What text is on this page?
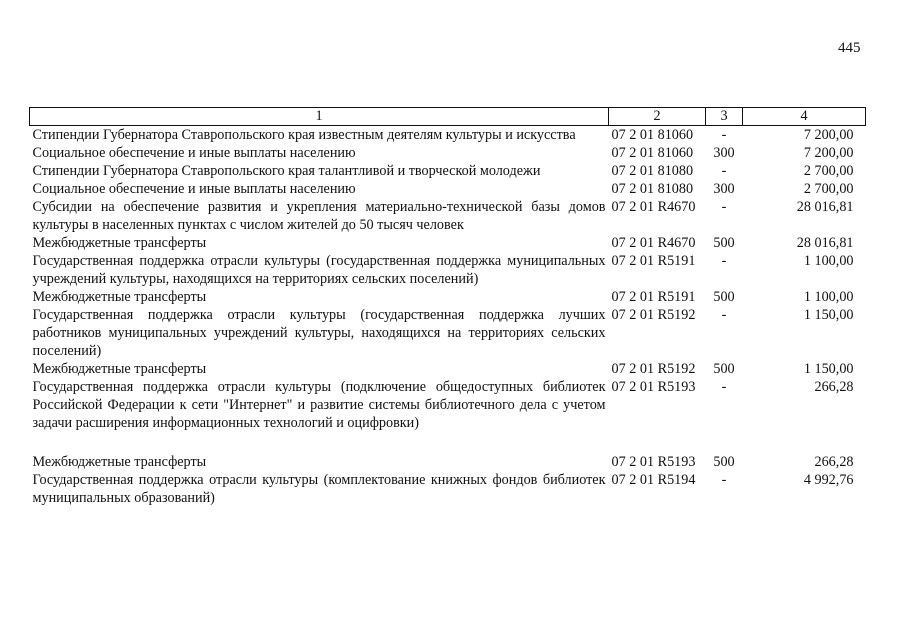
445
1	2	3	4
Стипендии Губернатора Ставропольского края известным деятелям культуры и искусства	07 2 01 81060	-	7 200,00
Социальное обеспечение и иные выплаты населению	07 2 01 81060	300	7 200,00
Стипендии Губернатора Ставропольского края талантливой и творческой молодежи	07 2 01 81080	-	2 700,00
Социальное обеспечение и иные выплаты населению	07 2 01 81080	300	2 700,00
Субсидии на обеспечение развития и укрепления материально-технической базы домов культуры в населенных пунктах с числом жителей до 50 тысяч человек	07 2 01 R4670	-	28 016,81
Межбюджетные трансферты	07 2 01 R4670	500	28 016,81
Государственная поддержка отрасли культуры (государственная поддержка муниципальных учреждений культуры, находящихся на территориях сельских поселений)	07 2 01 R5191	-	1 100,00
Межбюджетные трансферты	07 2 01 R5191	500	1 100,00
Государственная поддержка отрасли культуры (государственная поддержка лучших работников муниципальных учреждений культуры, находящихся на территориях сельских поселений)	07 2 01 R5192	-	1 150,00
Межбюджетные трансферты	07 2 01 R5192	500	1 150,00
Государственная поддержка отрасли культуры (подключение общедоступных библиотек Российской Федерации к сети "Интернет" и развитие системы библиотечного дела с учетом задачи расширения информационных технологий и оцифровки)	07 2 01 R5193	-	266,28

Межбюджетные трансферты	07 2 01 R5193	500	266,28
Государственная поддержка отрасли культуры (комплектование книжных фондов библиотек муниципальных образований)	07 2 01 R5194	-	4 992,76
